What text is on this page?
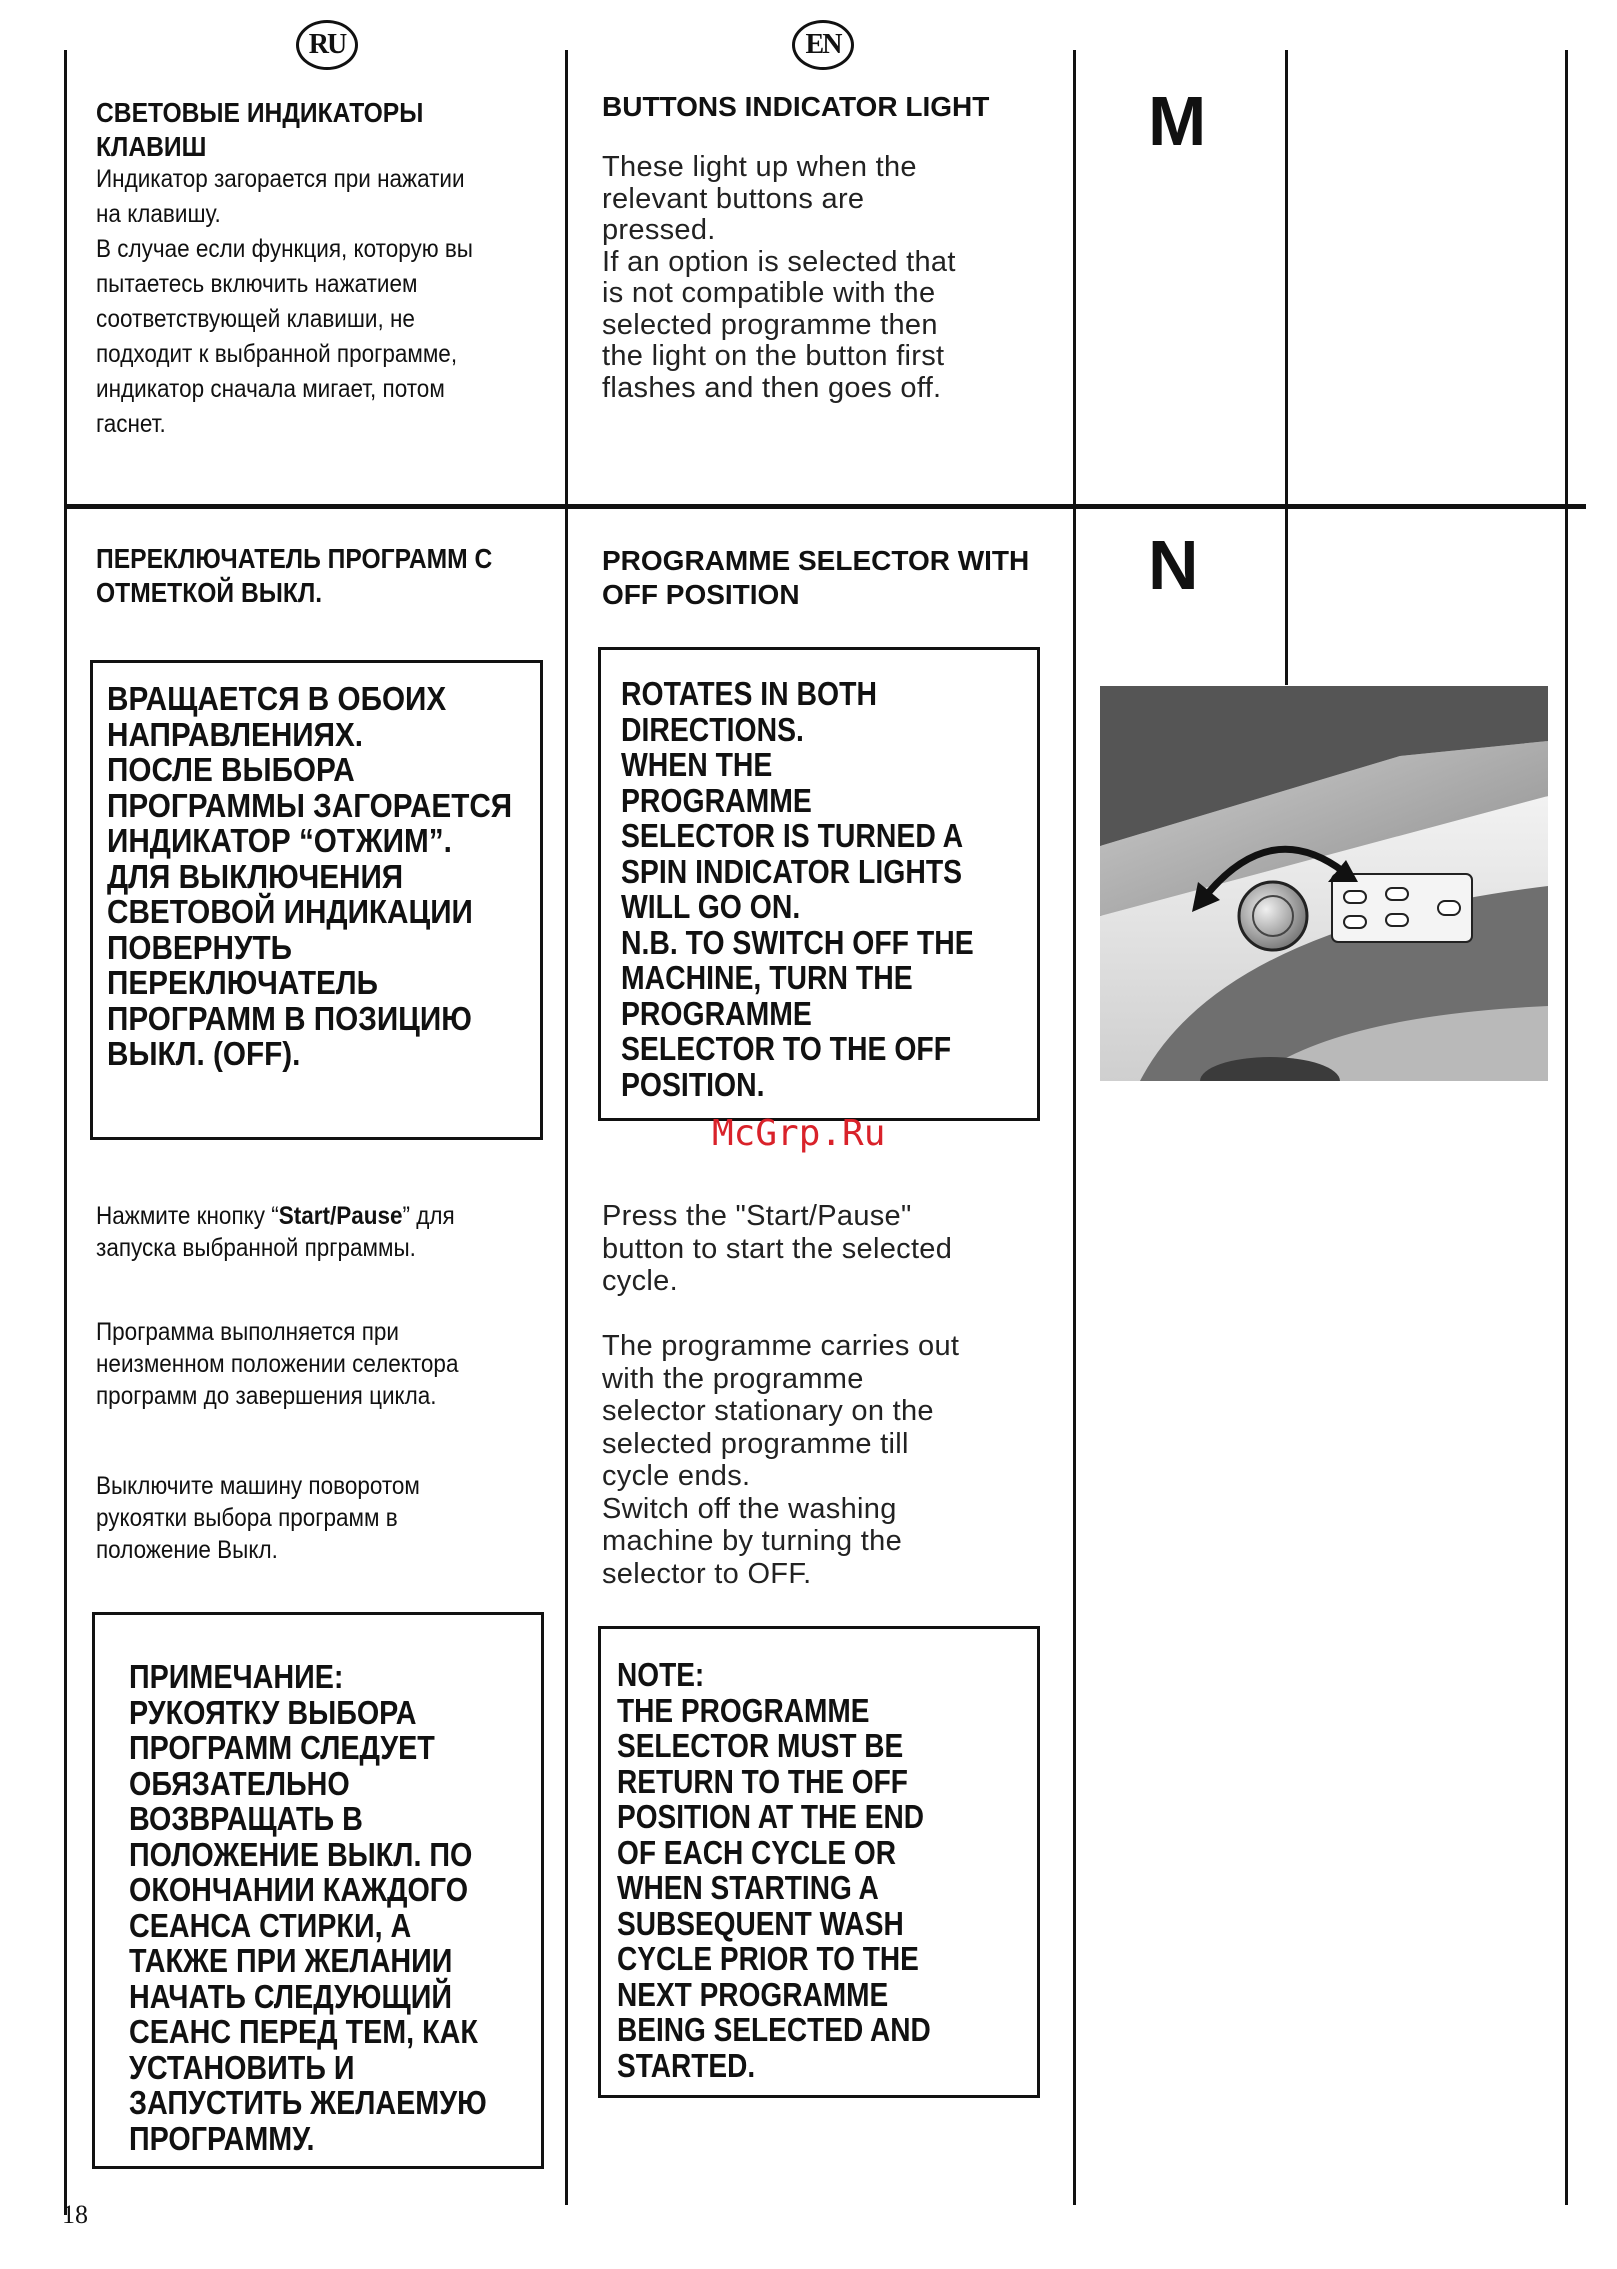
RU	EN
СВЕТОВЫЕ ИНДИКАТОРЫ
КЛАВИШ
Индикатор загорается при нажатии
на клавишу.
В случае если функция, которую вы
пытаетесь включить нажатием
соответствующей клавиши, не
подходит к выбранной программе,
индикатор сначала мигает, потом
гаснет.
BUTTONS INDICATOR LIGHT
These light up when the
relevant buttons are
pressed.
If an option is selected that
is not compatible with the
selected programme then
the light on the button first
flashes and then goes off.
M
ПЕРЕКЛЮЧАТЕЛЬ ПРОГРАММ С
ОТМЕТКОЙ ВЫКЛ.
PROGRAMME SELECTOR WITH
OFF POSITION	N
ВРАЩАЕТСЯ В ОБОИХ
НАПРАВЛЕНИЯХ.
ПОСЛЕ ВЫБОРА
ПРОГРАММЫ ЗАГОРАЕТСЯ
ИНДИКАТОР “ОТЖИМ”.
ДЛЯ ВЫКЛЮЧЕНИЯ
СВЕТОВОЙ ИНДИКАЦИИ
ПОВЕРНУТЬ
ПЕРЕКЛЮЧАТЕЛЬ
ПРОГРАММ В ПОЗИЦИЮ
ВЫКЛ. (OFF).
ROTATES IN BOTH
DIRECTIONS.
WHEN THE
PROGRAMME
SELECTOR IS TURNED A
SPIN INDICATOR LIGHTS
WILL GO ON.
N.B. TO SWITCH OFF THE
MACHINE, TURN THE
PROGRAMME
SELECTOR TO THE OFF
POSITION.
Нажмите кнопку “Start/Pause” для
запуска выбранной прграммы.
Программа выполняется при
неизменном положении селектора
программ до завершения цикла.
Выключите машину поворотом
рукоятки выбора программ в
положение Выкл.
Press the "Start/Pause"
button to start the selected
cycle.
The programme carries out
with the programme
selector stationary on the
selected programme till
cycle ends.
Switch off the washing
machine by turning the
selector to OFF.
ПРИМЕЧАНИЕ:
РУКОЯТКУ ВЫБОРА
ПРОГРАММ СЛЕДУЕТ
ОБЯЗАТЕЛЬНО
ВОЗВРАЩАТЬ В
ПОЛОЖЕНИЕ ВЫКЛ. ПО
ОКОНЧАНИИ КАЖДОГО
СЕАНСА СТИРКИ, А
ТАКЖЕ ПРИ ЖЕЛАНИИ
НАЧАТЬ СЛЕДУЮЩИЙ
СЕАНС ПЕРЕД ТЕМ, КАК
УСТАНОВИТЬ И
ЗАПУСТИТЬ ЖЕЛАЕМУЮ
ПРОГРАММУ.
NOTE:
THE PROGRAMME
SELECTOR MUST BE
RETURN TO THE OFF
POSITION AT THE END
OF EACH CYCLE OR
WHEN STARTING A
SUBSEQUENT WASH
CYCLE PRIOR TO THE
NEXT PROGRAMME
BEING SELECTED AND
STARTED.
McGrp.Ru
18
